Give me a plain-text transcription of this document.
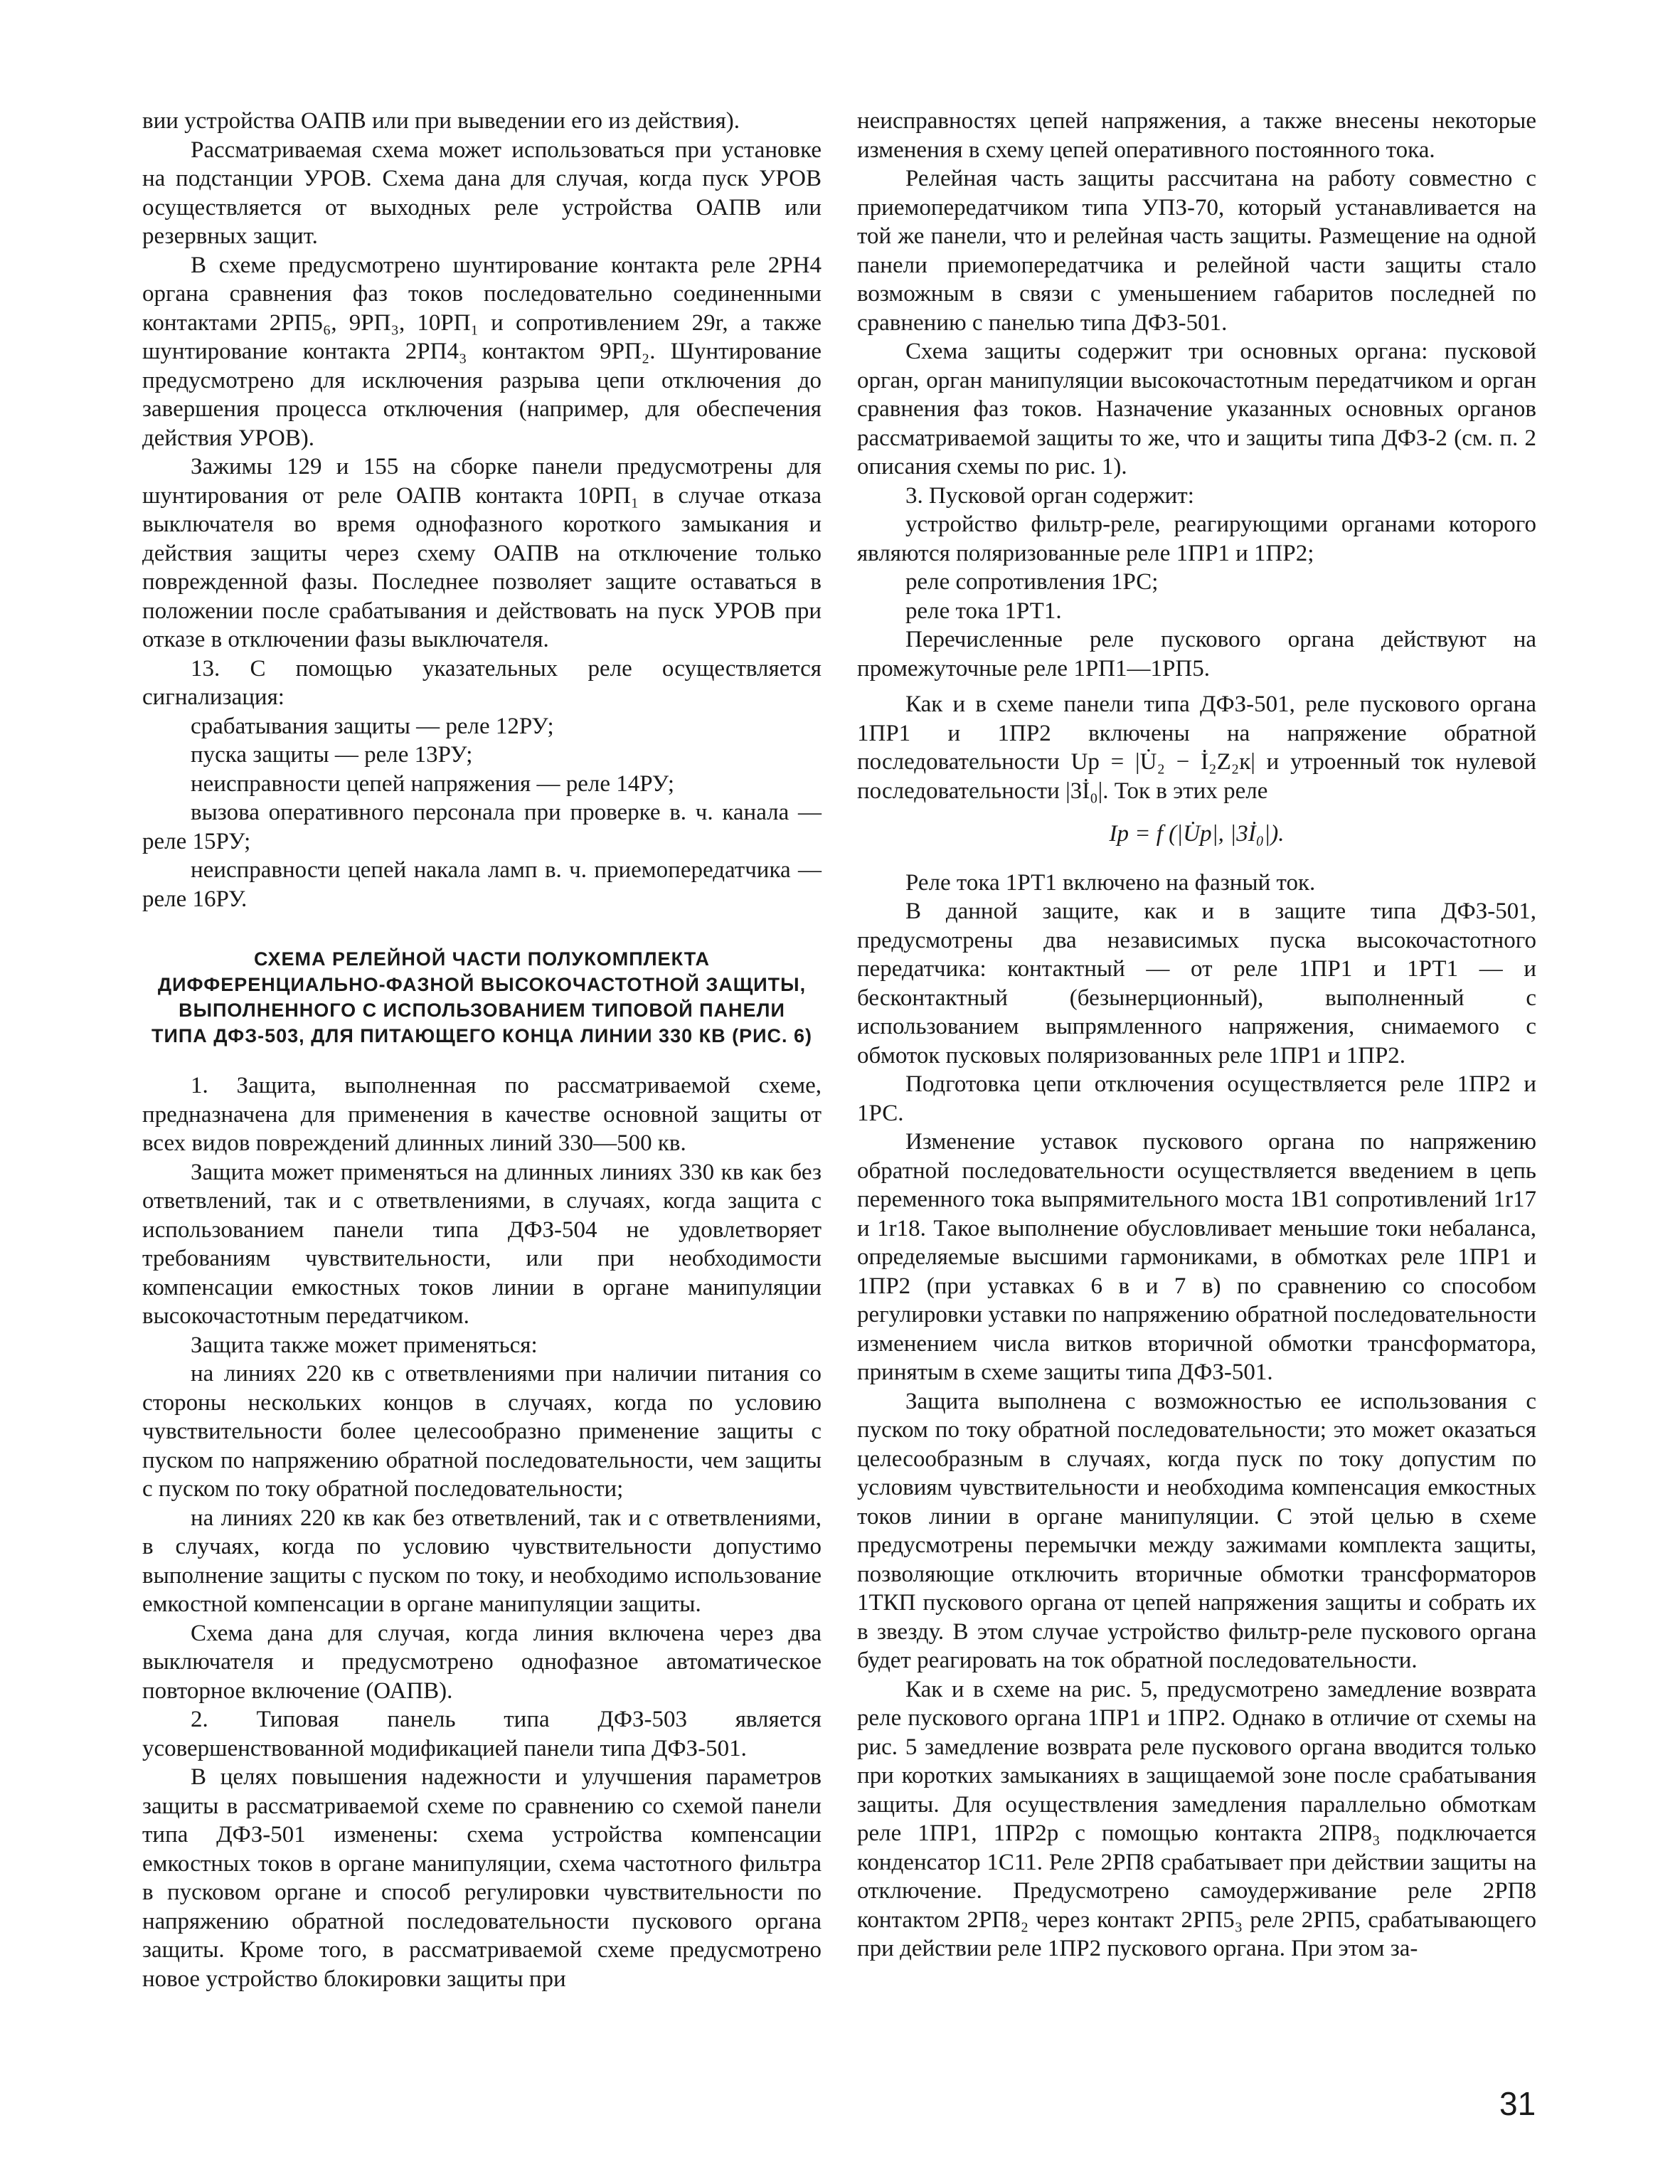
вии устройства ОАПВ или при выведении его из действия).

Рассматриваемая схема может использоваться при установке на подстанции УРОВ. Схема дана для случая, когда пуск УРОВ осуществляется от выходных реле устройства ОАПВ или резервных защит.

В схеме предусмотрено шунтирование контакта реле 2РН4 органа сравнения фаз токов последовательно соединенными контактами 2РП5₆, 9РП₃, 10РП₁ и сопротивлением 29r, а также шунтирование контакта 2РП4₃ контактом 9РП₂. Шунтирование предусмотрено для исключения разрыва цепи отключения до завершения процесса отключения (например, для обеспечения действия УРОВ).

Зажимы 129 и 155 на сборке панели предусмотрены для шунтирования от реле ОАПВ контакта 10РП₁ в случае отказа выключателя во время однофазного короткого замыкания и действия защиты через схему ОАПВ на отключение только поврежденной фазы. Последнее позволяет защите оставаться в положении после срабатывания и действовать на пуск УРОВ при отказе в отключении фазы выключателя.

13. С помощью указательных реле осуществляется сигнализация:

срабатывания защиты — реле 12РУ;

пуска защиты — реле 13РУ;

неисправности цепей напряжения — реле 14РУ;

вызова оперативного персонала при проверке в. ч. канала — реле 15РУ;

неисправности цепей накала ламп в. ч. приемопередатчика — реле 16РУ.

СХЕМА РЕЛЕЙНОЙ ЧАСТИ ПОЛУКОМПЛЕКТА ДИФФЕРЕНЦИАЛЬНО-ФАЗНОЙ ВЫСОКОЧАСТОТНОЙ ЗАЩИТЫ, ВЫПОЛНЕННОГО С ИСПОЛЬЗОВАНИЕМ ТИПОВОЙ ПАНЕЛИ ТИПА ДФЗ-503, ДЛЯ ПИТАЮЩЕГО КОНЦА ЛИНИИ 330 КВ (РИС. 6)

1. Защита, выполненная по рассматриваемой схеме, предназначена для применения в качестве основной защиты от всех видов повреждений длинных линий 330—500 кв.

Защита может применяться на длинных линиях 330 кв как без ответвлений, так и с ответвлениями, в случаях, когда защита с использованием панели типа ДФЗ-504 не удовлетворяет требованиям чувствительности, или при необходимости компенсации емкостных токов линии в органе манипуляции высокочастотным передатчиком.

Защита также может применяться:

на линиях 220 кв с ответвлениями при наличии питания со стороны нескольких концов в случаях, когда по условию чувствительности более целесообразно применение защиты с пуском по напряжению обратной последовательности, чем защиты с пуском по току обратной последовательности;

на линиях 220 кв как без ответвлений, так и с ответвлениями, в случаях, когда по условию чувствительности допустимо выполнение защиты с пуском по току, и необходимо использование емкостной компенсации в органе манипуляции защиты.

Схема дана для случая, когда линия включена через два выключателя и предусмотрено однофазное автоматическое повторное включение (ОАПВ).

2. Типовая панель типа ДФЗ-503 является усовершенствованной модификацией панели типа ДФЗ-501.

В целях повышения надежности и улучшения параметров защиты в рассматриваемой схеме по сравнению со схемой панели типа ДФЗ-501 изменены: схема устройства компенсации емкостных токов в органе манипуляции, схема частотного фильтра в пусковом органе и способ регулировки чувствительности по напряжению обратной последовательности пускового органа защиты. Кроме того, в рассматриваемой схеме предусмотрено новое устройство блокировки защиты при

неисправностях цепей напряжения, а также внесены некоторые изменения в схему цепей оперативного постоянного тока.

Релейная часть защиты рассчитана на работу совместно с приемопередатчиком типа УПЗ-70, который устанавливается на той же панели, что и релейная часть защиты. Размещение на одной панели приемопередатчика и релейной части защиты стало возможным в связи с уменьшением габаритов последней по сравнению с панелью типа ДФЗ-501.

Схема защиты содержит три основных органа: пусковой орган, орган манипуляции высокочастотным передатчиком и орган сравнения фаз токов. Назначение указанных основных органов рассматриваемой защиты то же, что и защиты типа ДФЗ-2 (см. п. 2 описания схемы по рис. 1).

3. Пусковой орган содержит:

устройство фильтр-реле, реагирующими органами которого являются поляризованные реле 1ПР1 и 1ПР2;

реле сопротивления 1РС;

реле тока 1РТ1.

Перечисленные реле пускового органа действуют на промежуточные реле 1РП1—1РП5.

Как и в схеме панели типа ДФЗ-501, реле пускового органа 1ПР1 и 1ПР2 включены на напряжение обратной последовательности Uр = |U̇₂ − İ₂Z₂к| и утроенный ток нулевой последовательности |3İ₀|. Ток в этих реле

Iр = f (|U̇р|, |3İ₀|).

Реле тока 1РТ1 включено на фазный ток.

В данной защите, как и в защите типа ДФЗ-501, предусмотрены два независимых пуска высокочастотного передатчика: контактный — от реле 1ПР1 и 1РТ1 — и бесконтактный (безынерционный), выполненный с использованием выпрямленного напряжения, снимаемого с обмоток пусковых поляризованных реле 1ПР1 и 1ПР2.

Подготовка цепи отключения осуществляется реле 1ПР2 и 1РС.

Изменение уставок пускового органа по напряжению обратной последовательности осуществляется введением в цепь переменного тока выпрямительного моста 1В1 сопротивлений 1r17 и 1r18. Такое выполнение обусловливает меньшие токи небаланса, определяемые высшими гармониками, в обмотках реле 1ПР1 и 1ПР2 (при уставках 6 в и 7 в) по сравнению со способом регулировки уставки по напряжению обратной последовательности изменением числа витков вторичной обмотки трансформатора, принятым в схеме защиты типа ДФЗ-501.

Защита выполнена с возможностью ее использования с пуском по току обратной последовательности; это может оказаться целесообразным в случаях, когда пуск по току допустим по условиям чувствительности и необходима компенсация емкостных токов линии в органе манипуляции. С этой целью в схеме предусмотрены перемычки между зажимами комплекта защиты, позволяющие отключить вторичные обмотки трансформаторов 1ТКП пускового органа от цепей напряжения защиты и собрать их в звезду. В этом случае устройство фильтр-реле пускового органа будет реагировать на ток обратной последовательности.

Как и в схеме на рис. 5, предусмотрено замедление возврата реле пускового органа 1ПР1 и 1ПР2. Однако в отличие от схемы на рис. 5 замедление возврата реле пускового органа вводится только при коротких замыканиях в защищаемой зоне после срабатывания защиты. Для осуществления замедления параллельно обмоткам реле 1ПР1, 1ПР2р с помощью контакта 2ПР8₃ подключается конденсатор 1С11. Реле 2РП8 срабатывает при действии защиты на отключение. Предусмотрено самоудерживание реле 2РП8 контактом 2РП8₂ через контакт 2РП5₃ реле 2РП5, срабатывающего при действии реле 1ПР2 пускового органа. При этом за-

31
